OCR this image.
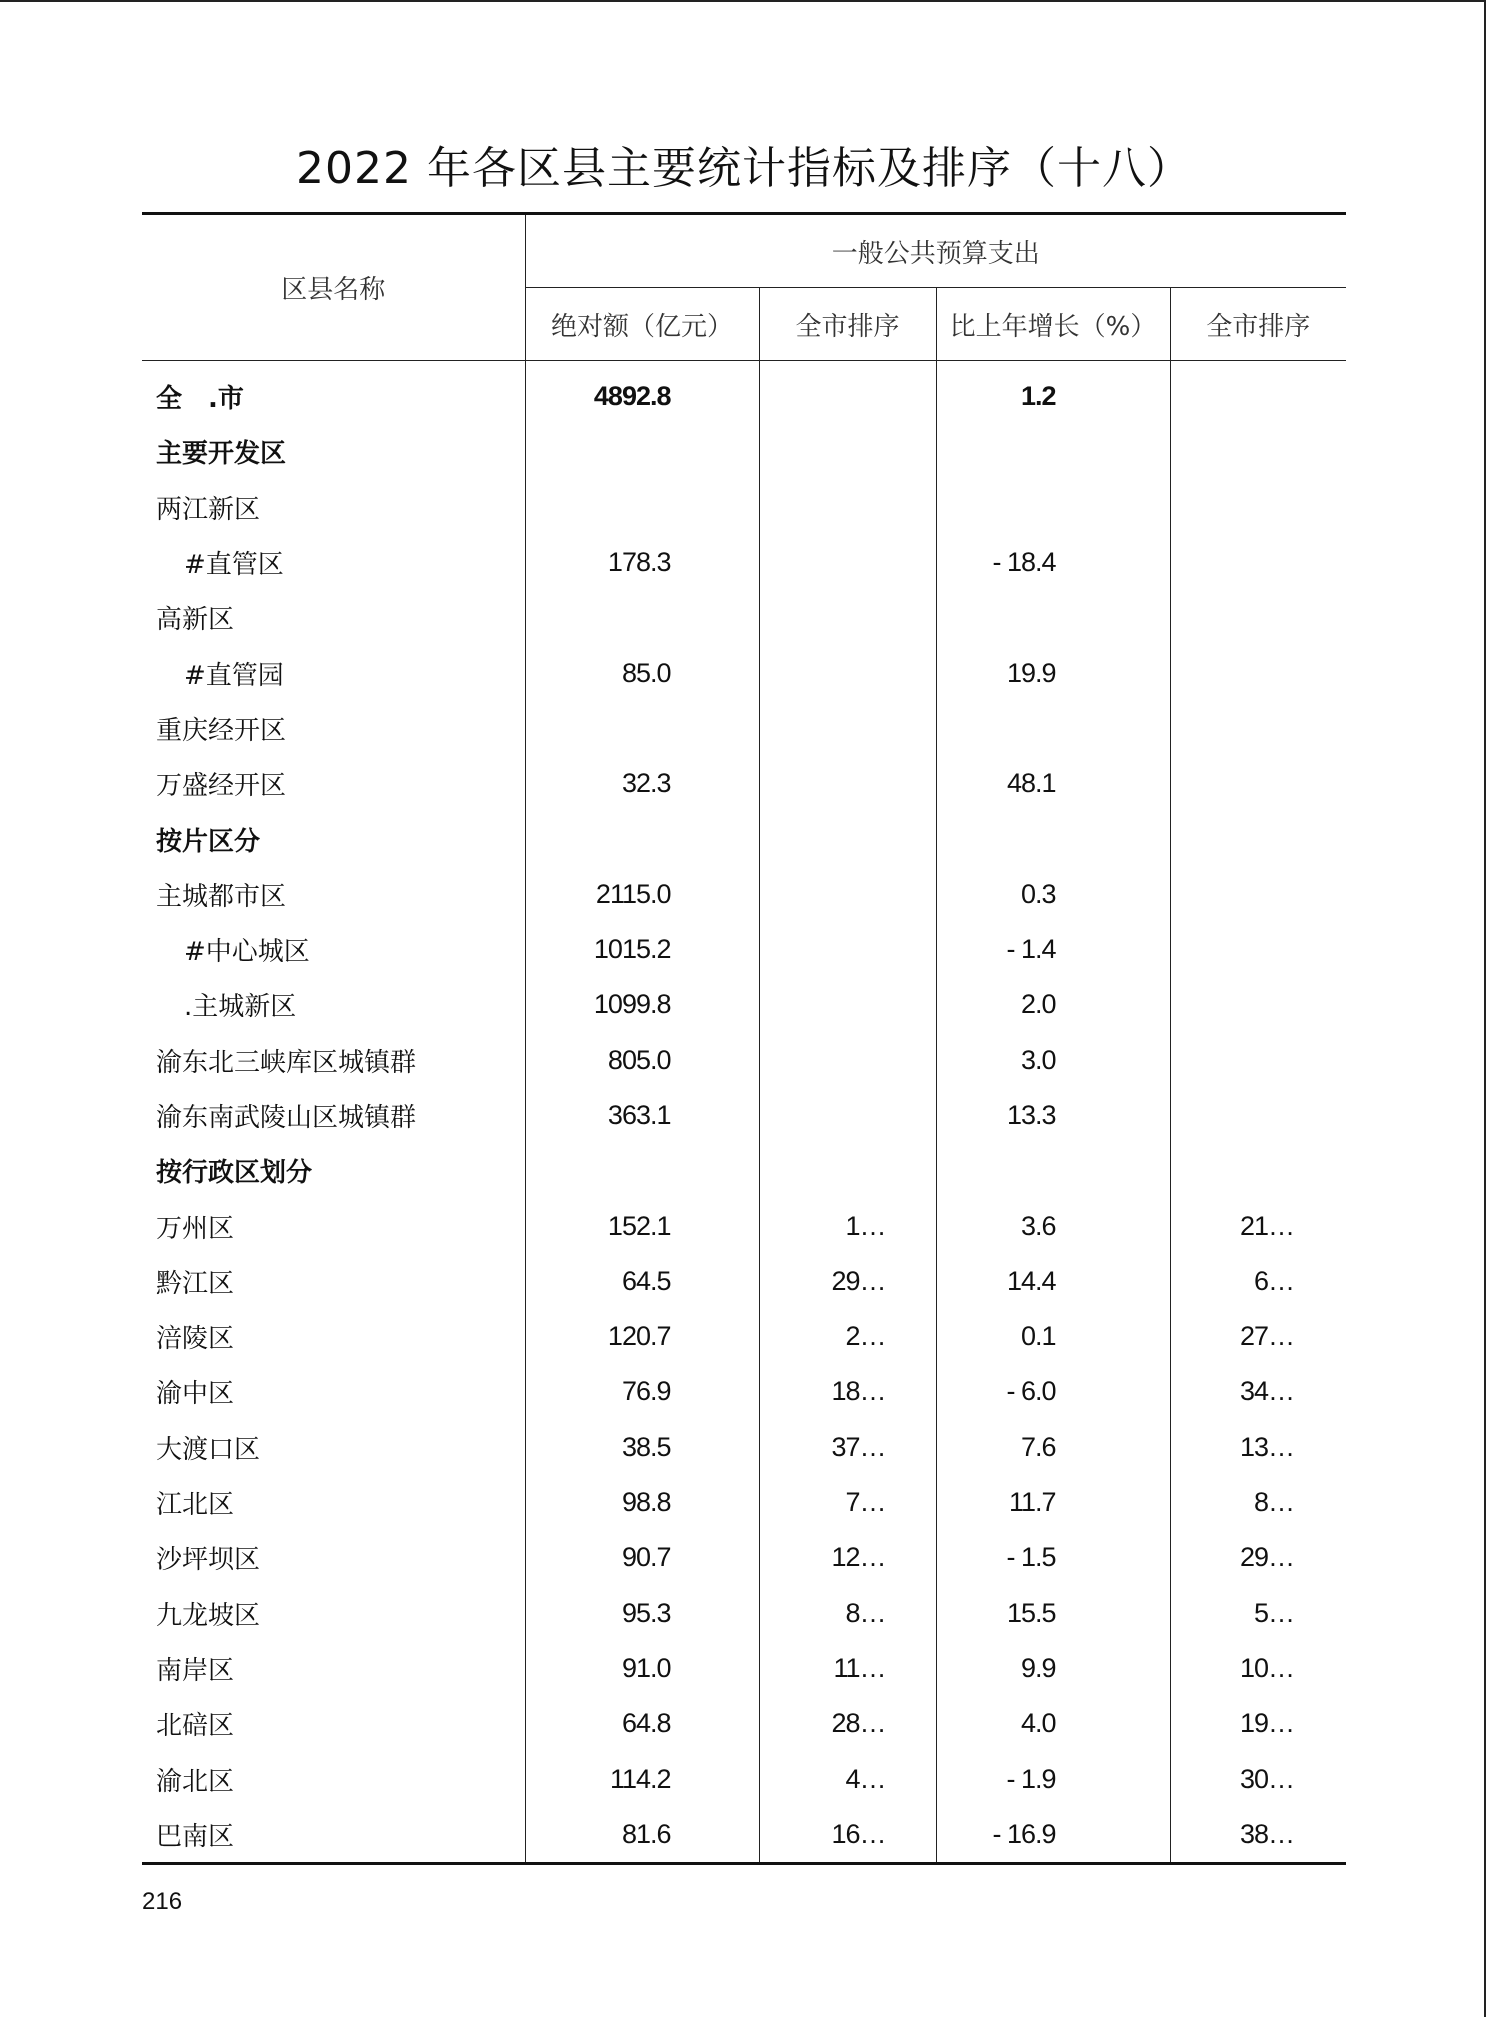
2022 年各区县主要统计指标及排序（十八）
区县名称	一般公共预算支出			
	绝对额（亿元）	全市排序	比上年增长（%）	全市排序
全　.市	4892.8		1.2	
主要开发区				
两江新区				
#直管区	178.3		- 18.4	
高新区				
#直管园	85.0		19.9	
重庆经开区				
万盛经开区	32.3		48.1	
按片区分				
主城都市区	2115.0		0.3	
#中心城区	1015.2		- 1.4	
.主城新区	1099.8		2.0	
渝东北三峡库区城镇群	805.0		3.0	
渝东南武陵山区城镇群	363.1		13.3	
按行政区划分				
万州区	152.1	1…	3.6	21…
黔江区	64.5	29…	14.4	6…
涪陵区	120.7	2…	0.1	27…
渝中区	76.9	18…	- 6.0	34…
大渡口区	38.5	37…	7.6	13…
江北区	98.8	7…	11.7	8…
沙坪坝区	90.7	12…	- 1.5	29…
九龙坡区	95.3	8…	15.5	5…
南岸区	91.0	11…	9.9	10…
北碚区	64.8	28…	4.0	19…
渝北区	114.2	4…	- 1.9	30…
巴南区	81.6	16…	- 16.9	38…
216
